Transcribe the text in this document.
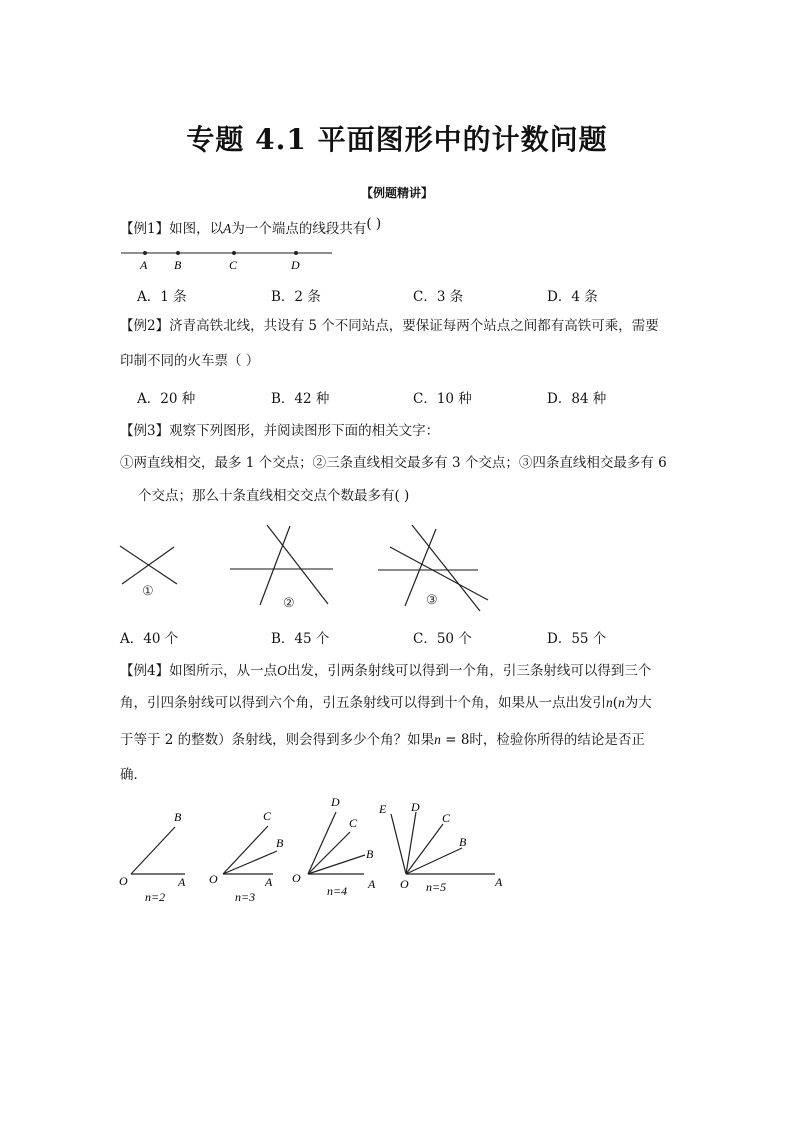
专题 4.1 平面图形中的计数问题
【例题精讲】
【例1】如图，以A为一个端点的线段共有( )
A B	C	D
A．1 条	B．2 条	C．3 条	D．4 条
【例2】济青高铁北线，共设有 5 个不同站点，要保证每两个站点之间都有高铁可乘，需要
印制不同的火车票（ ）
A．20 种	B．42 种	C．10 种	D．84 种
【例3】观察下列图形，并阅读图形下面的相关文字：
①两直线相交，最多 1 个交点；②三条直线相交最多有 3 个交点；③四条直线相交最多有 6
个交点；那么十条直线相交交点个数最多有( )
①
②	③
A．40 个	B．45 个	C．50 个	D．55 个
【例4】如图所示，从一点O出发，引两条射线可以得到一个角，引三条射线可以得到三个
角，引四条射线可以得到六个角，引五条射线可以得到十个角，如果从一点出发引n(n为大
于等于 2 的整数）条射线，则会得到多少个角？如果n = 8时，检验你所得的结论是否正
确．
B
O	A
n=2
C
B
O	A
n=3
D
C
B
O	A
n=4
E D
C
B
O	A
n=5
